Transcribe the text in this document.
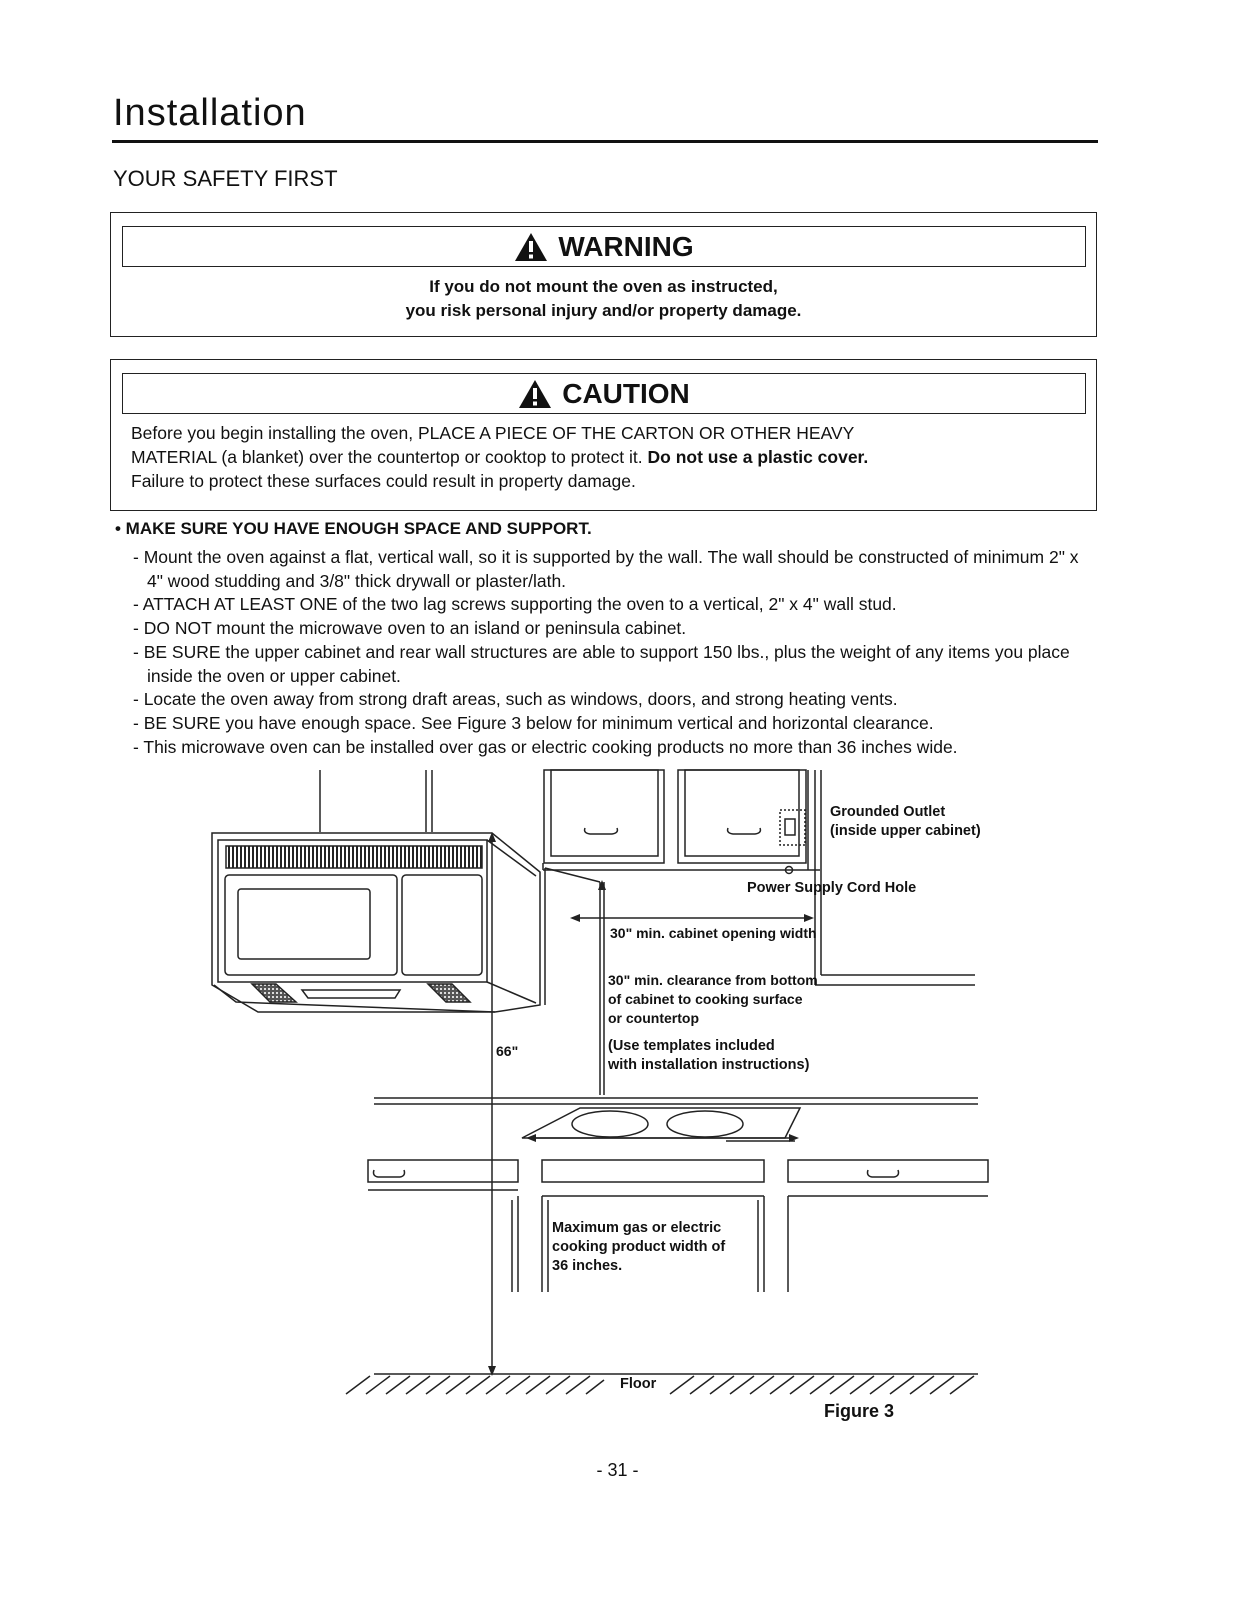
Installation
YOUR SAFETY FIRST
WARNING
If you do not mount the oven as instructed,
you risk personal injury and/or property damage.
CAUTION
Before you begin installing the oven, PLACE A PIECE OF THE CARTON OR OTHER HEAVY
MATERIAL (a blanket) over the countertop or cooktop to protect it. Do not use a plastic cover.
Failure to protect these surfaces could result in property damage.
• MAKE SURE YOU HAVE ENOUGH SPACE AND SUPPORT.
- Mount the oven against a flat, vertical wall, so it is supported by the wall. The wall should be constructed of minimum 2" x 4" wood studding and 3/8" thick drywall or plaster/lath.
- ATTACH AT LEAST ONE of the two lag screws supporting the oven to a vertical, 2" x 4" wall stud.
- DO NOT mount the microwave oven to an island or peninsula cabinet.
- BE SURE the upper cabinet and rear wall structures are able to support 150 lbs., plus the weight of any items you place inside the oven or upper cabinet.
- Locate the oven away from strong draft areas, such as windows, doors, and strong heating vents.
- BE SURE you have enough space. See Figure 3 below for minimum vertical and horizontal clearance.
- This microwave oven can be installed over gas or electric cooking products no more than 36 inches wide.
Grounded Outlet
(inside upper cabinet)
Power Supply Cord Hole
30" min. cabinet opening width
30" min. clearance from bottom
of cabinet to cooking surface
or countertop
(Use templates included
with installation instructions)
66"
Maximum gas or electric
cooking product width of
36 inches.
Floor
Figure 3
- 31 -
